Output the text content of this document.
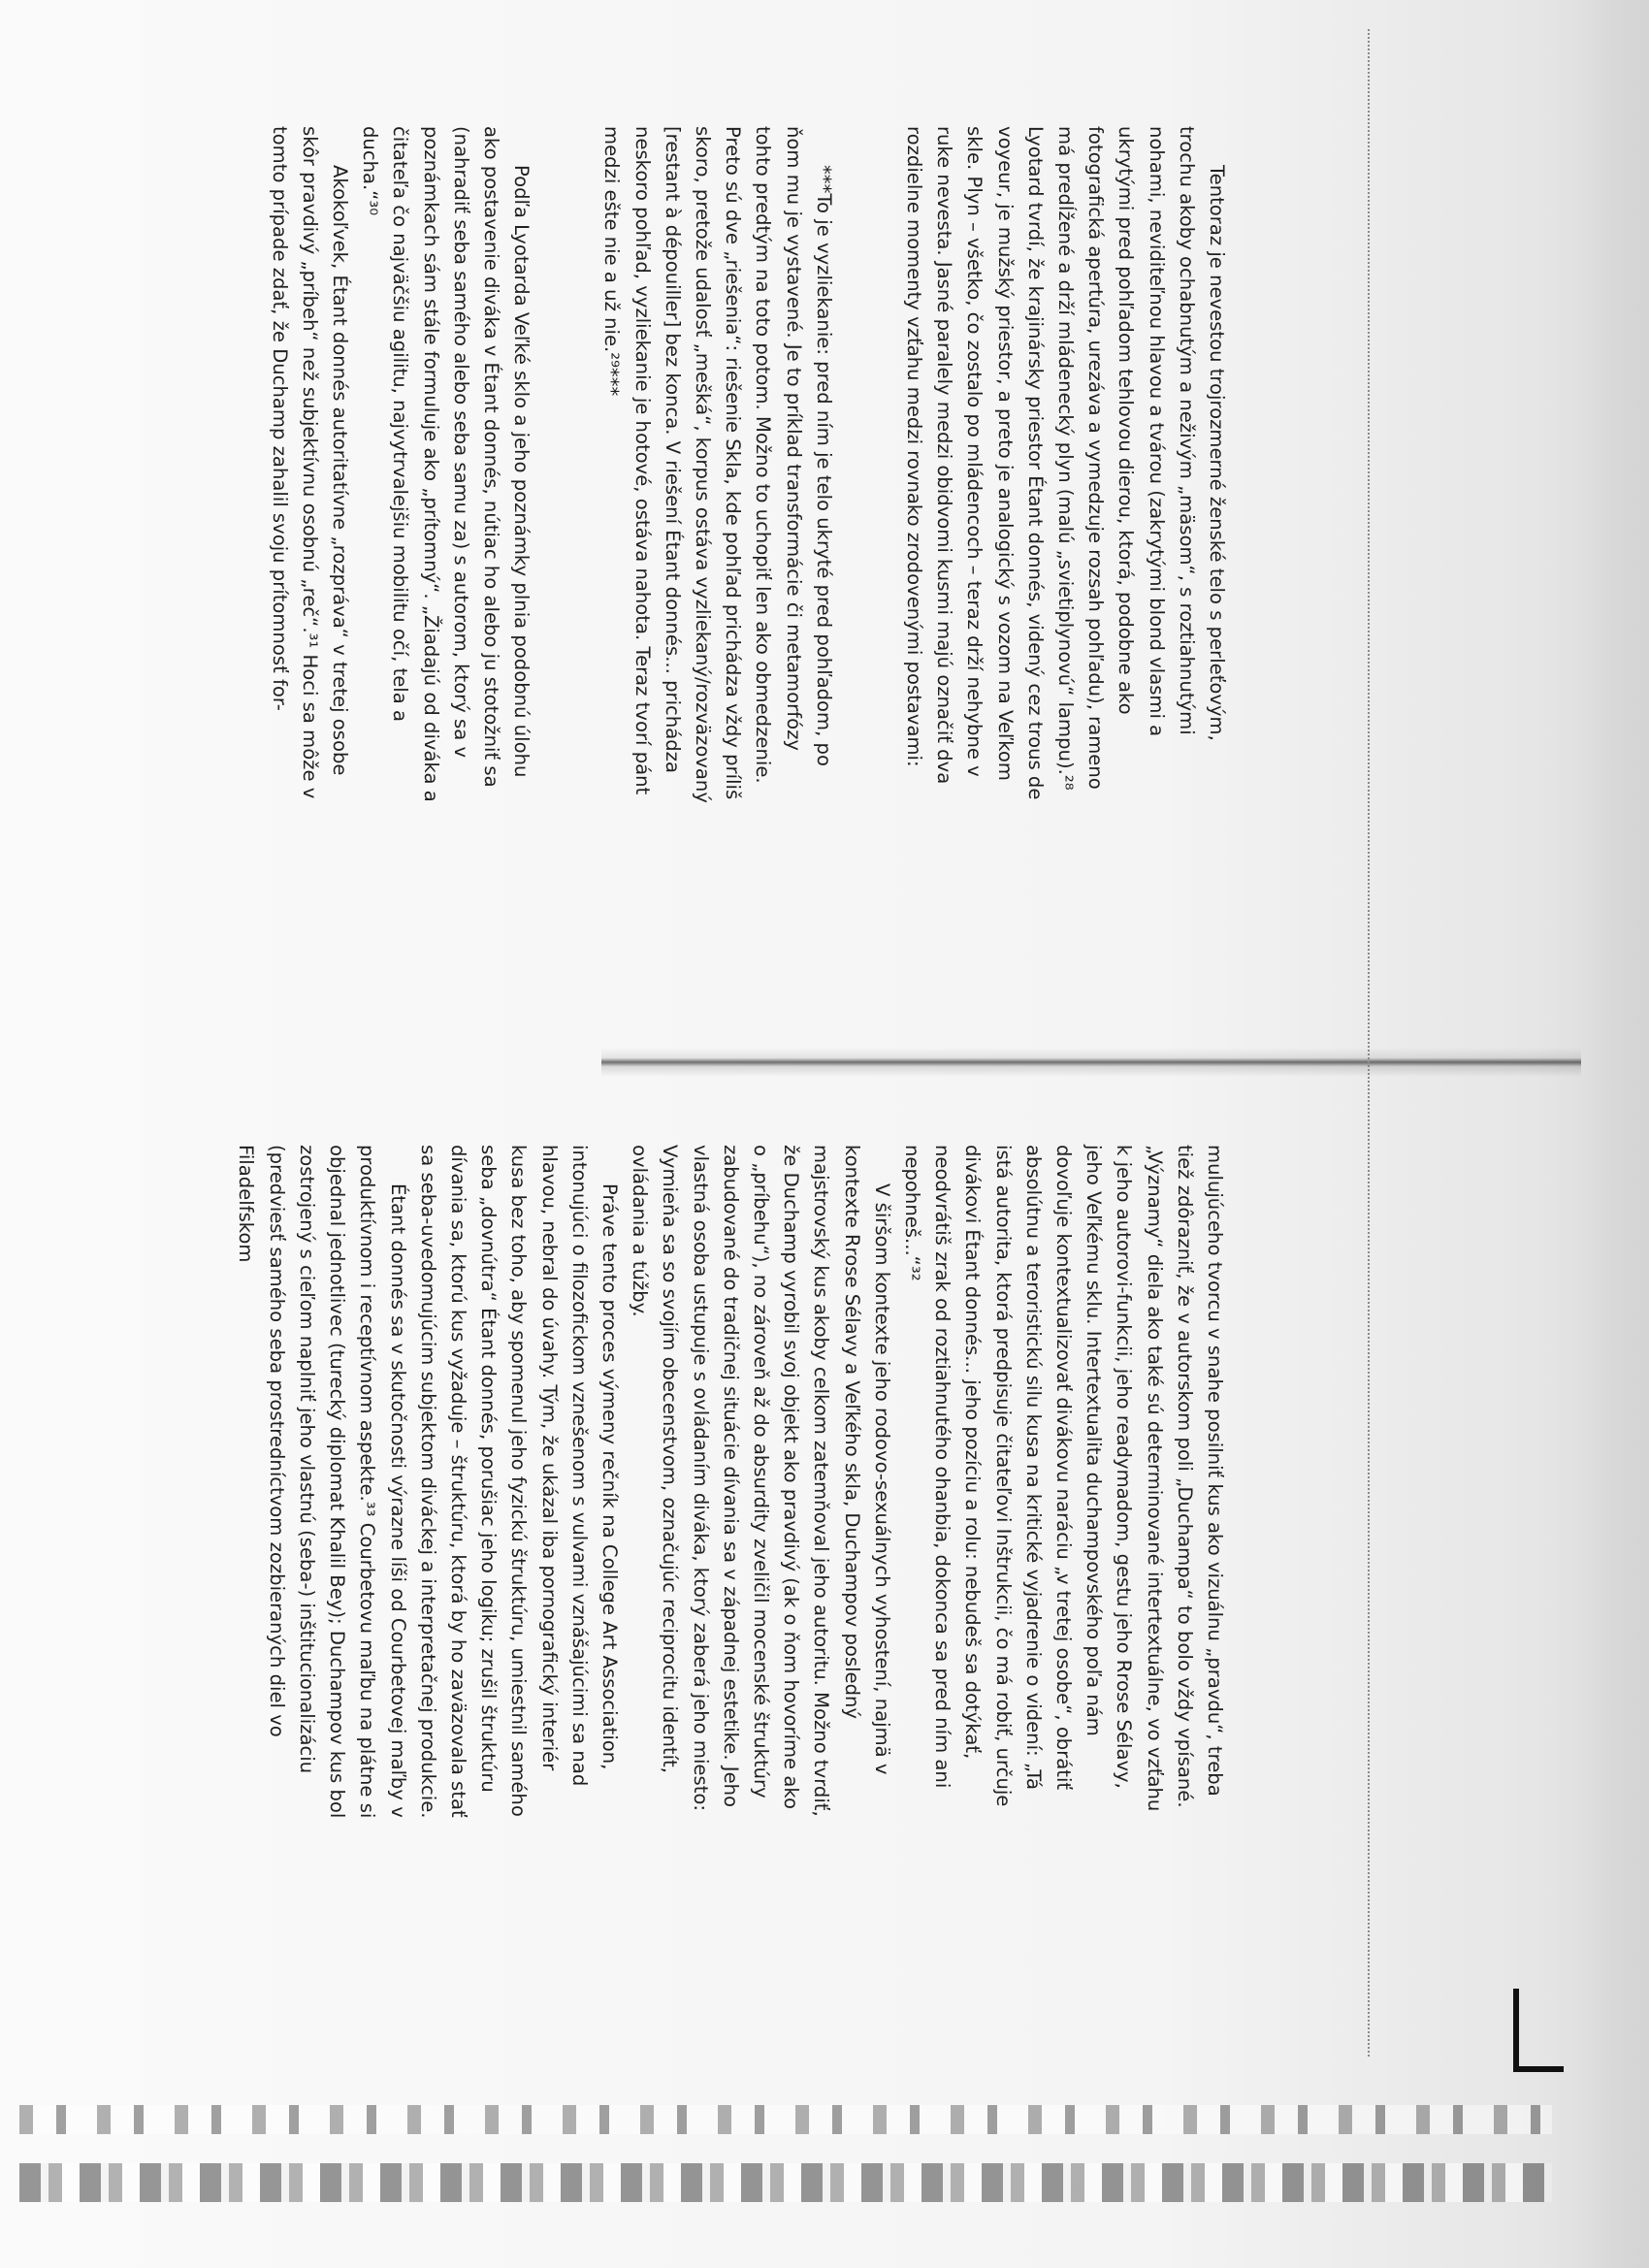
Tentoraz je nevestou trojrozmerné ženské telo s perleťovým, trochu akoby ochabnutým a neživým „mäsom“, s roztiahnutými nohami, neviditeľnou hlavou a tvárou (zakrytými blond vlasmi a ukrytými pred pohľadom tehlovou dierou, ktorá, podobne ako fotografická apertúra, urezáva a vymedzuje rozsah pohľadu), rameno má predĺžené a drží mládenecký plyn (malú „svietiplynovú“ lampu).²⁸ Lyotard tvrdí, že krajinársky priestor Étant donnés, videný cez trous de voyeur, je mužský priestor, a preto je analogický s vozom na Veľkom skle. Plyn – všetko, čo zostalo po mládencoch – teraz drží nehybne v ruke nevesta. Jasné paralely medzi obidvomi kusmi majú označiť dva rozdielne momenty vzťahu medzi rovnako zrodovenými postavami:

***To je vyzliekanie: pred ním je telo ukryté pred pohľadom, po ňom mu je vystavené. Je to príklad transformácie či metamorfózy tohto predtým na toto potom. Možno to uchopiť len ako obmedzenie. Preto sú dve „riešenia“: riešenie Skla, kde pohľad prichádza vždy príliš skoro, pretože udalosť „mešká“, korpus ostáva vyzliekaný/rozväzovaný [restant à dépouiller] bez konca. V riešení Étant donnés... prichádza neskoro pohľad, vyzliekanie je hotové, ostáva nahota. Teraz tvorí pánt medzi ešte nie a už nie.²⁹***

Podľa Lyotarda Veľké sklo a jeho poznámky plnia podobnú úlohu ako postavenie diváka v Étant donnés, nútiac ho alebo ju stotožniť sa (nahradiť seba samého alebo seba samu za) s autorom, ktorý sa v poznámkach sám stále formuluje ako „prítomný“. „Žiadajú od diváka a čitateľa čo najväčšiu agilitu, najvytrvalejšiu mobilitu očí, tela a ducha.“³⁰

Akokoľvek, Étant donnés autoritatívne „rozpráva“ v tretej osobe skôr pravdivý „príbeh“ než subjektívnu osobnú „reč“.³¹ Hoci sa môže v tomto prípade zdať, že Duchamp zahalil svoju prítomnosť for-

mulujúceho tvorcu v snahe posilniť kus ako vizuálnu „pravdu“, treba tiež zdôrazniť, že v autorskom poli „Duchampa“ to bolo vždy vpísané. „Významy“ diela ako také sú determinované intertextuálne, vo vzťahu k jeho autorovi-funkcii, jeho readymadom, gestu jeho Rrose Sélavy, jeho Veľkému sklu. Intertextualita duchampovského poľa nám dovoľuje kontextualizovať divákovu naráciu „v tretej osobe“, obrátiť absolútnu a teroristickú silu kusa na kritické vyjadrenie o videní: „Tá istá autorita, ktorá predpisuje čitateľovi Inštrukcii, čo má robiť, určuje divákovi Étant donnés... jeho pozíciu a rolu: nebudeš sa dotýkať, neodvrátiš zrak od roztiahnutého ohanbia, dokonca sa pred ním ani nepohneš...“³²

V širšom kontexte jeho rodovo-sexuálnych vyhostení, najmä v kontexte Rrose Sélavy a Veľkého skla, Duchampov posledný majstrovský kus akoby celkom zatemňoval jeho autoritu. Možno tvrdiť, že Duchamp vyrobil svoj objekt ako pravdivý (ak o ňom hovoríme ako o „príbehu“), no zároveň až do absurdity zveličil mocenské štruktúry zabudované do tradičnej situácie dívania sa v západnej estetike. Jeho vlastná osoba ustupuje s ovládaním diváka, ktorý zaberá jeho miesto: Vymieňa sa so svojím obecenstvom, označujúc reciprocitu identít, ovládania a túžby.

Práve tento proces výmeny rečník na College Art Association, intonujúci o filozofickom vznešenom s vulvami vznášajúcimi sa nad hlavou, nebral do úvahy. Tým, že ukázal iba pornografický interiér kusa bez toho, aby spomenul jeho fyzickú štruktúru, umiestnil samého seba „dovnútra“ Étant donnés, porušiac jeho logiku; zrušil štruktúru dívania sa, ktorú kus vyžaduje – štruktúru, ktorá by ho zaväzovala stať sa seba-uvedomujúcim subjektom diváckej a interpretačnej produkcie.

Étant donnés sa v skutočnosti výrazne líši od Courbetovej maľby v produktívnom i receptívnom aspekte.³³ Courbetovu maľbu na plátne si objednal jednotlivec (turecký diplomat Khalil Bey); Duchampov kus bol zostrojený s cieľom naplniť jeho vlastnú (seba-) inštitucionalizáciu (predviesť samého seba prostredníctvom zozbieraných diel vo Filadelfskom
